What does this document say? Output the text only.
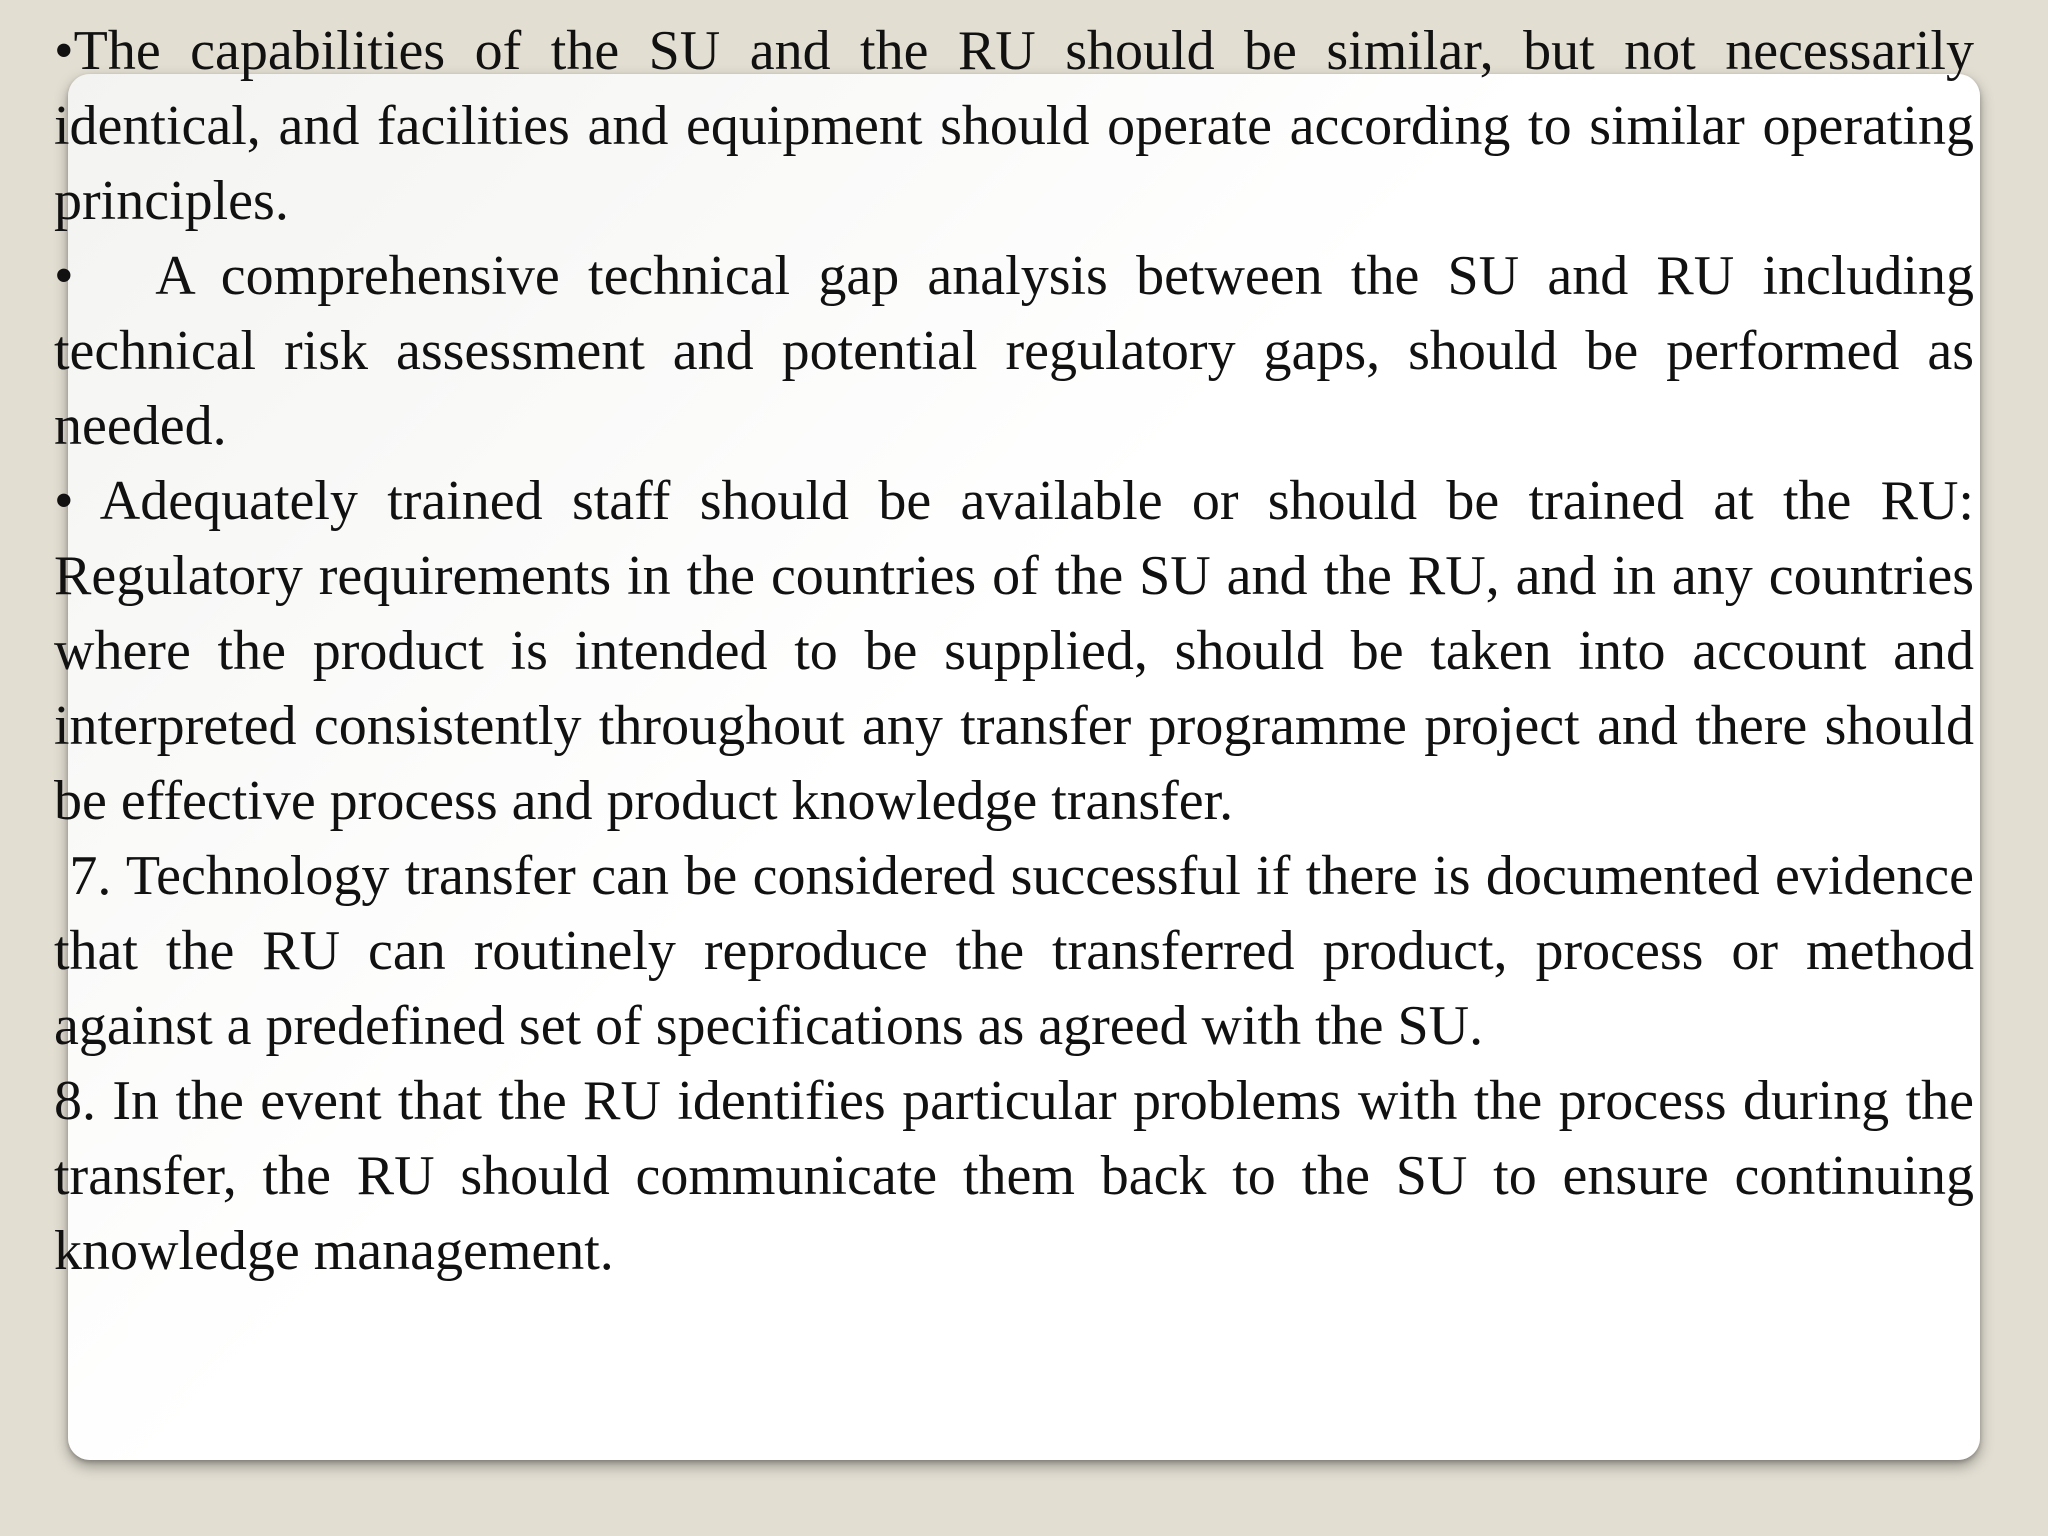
•The capabilities of the SU and the RU should be similar, but not necessarily identical, and facilities and equipment should operate according to similar operating principles.

•   A comprehensive technical gap analysis between the SU and RU including technical risk assessment and potential regulatory gaps, should be performed as needed.

• Adequately trained staff should be available or should be trained at the RU: Regulatory requirements in the countries of the SU and the RU, and in any countries where the product is intended to be supplied, should be taken into account and interpreted consistently throughout any transfer programme project and there should be effective process and product knowledge transfer.

7. Technology transfer can be considered successful if there is documented evidence that the RU can routinely reproduce the transferred product, process or method against a predefined set of specifications as agreed with the SU.

8. In the event that the RU identifies particular problems with the process during the transfer, the RU should communicate them back to the SU to ensure continuing knowledge management.
